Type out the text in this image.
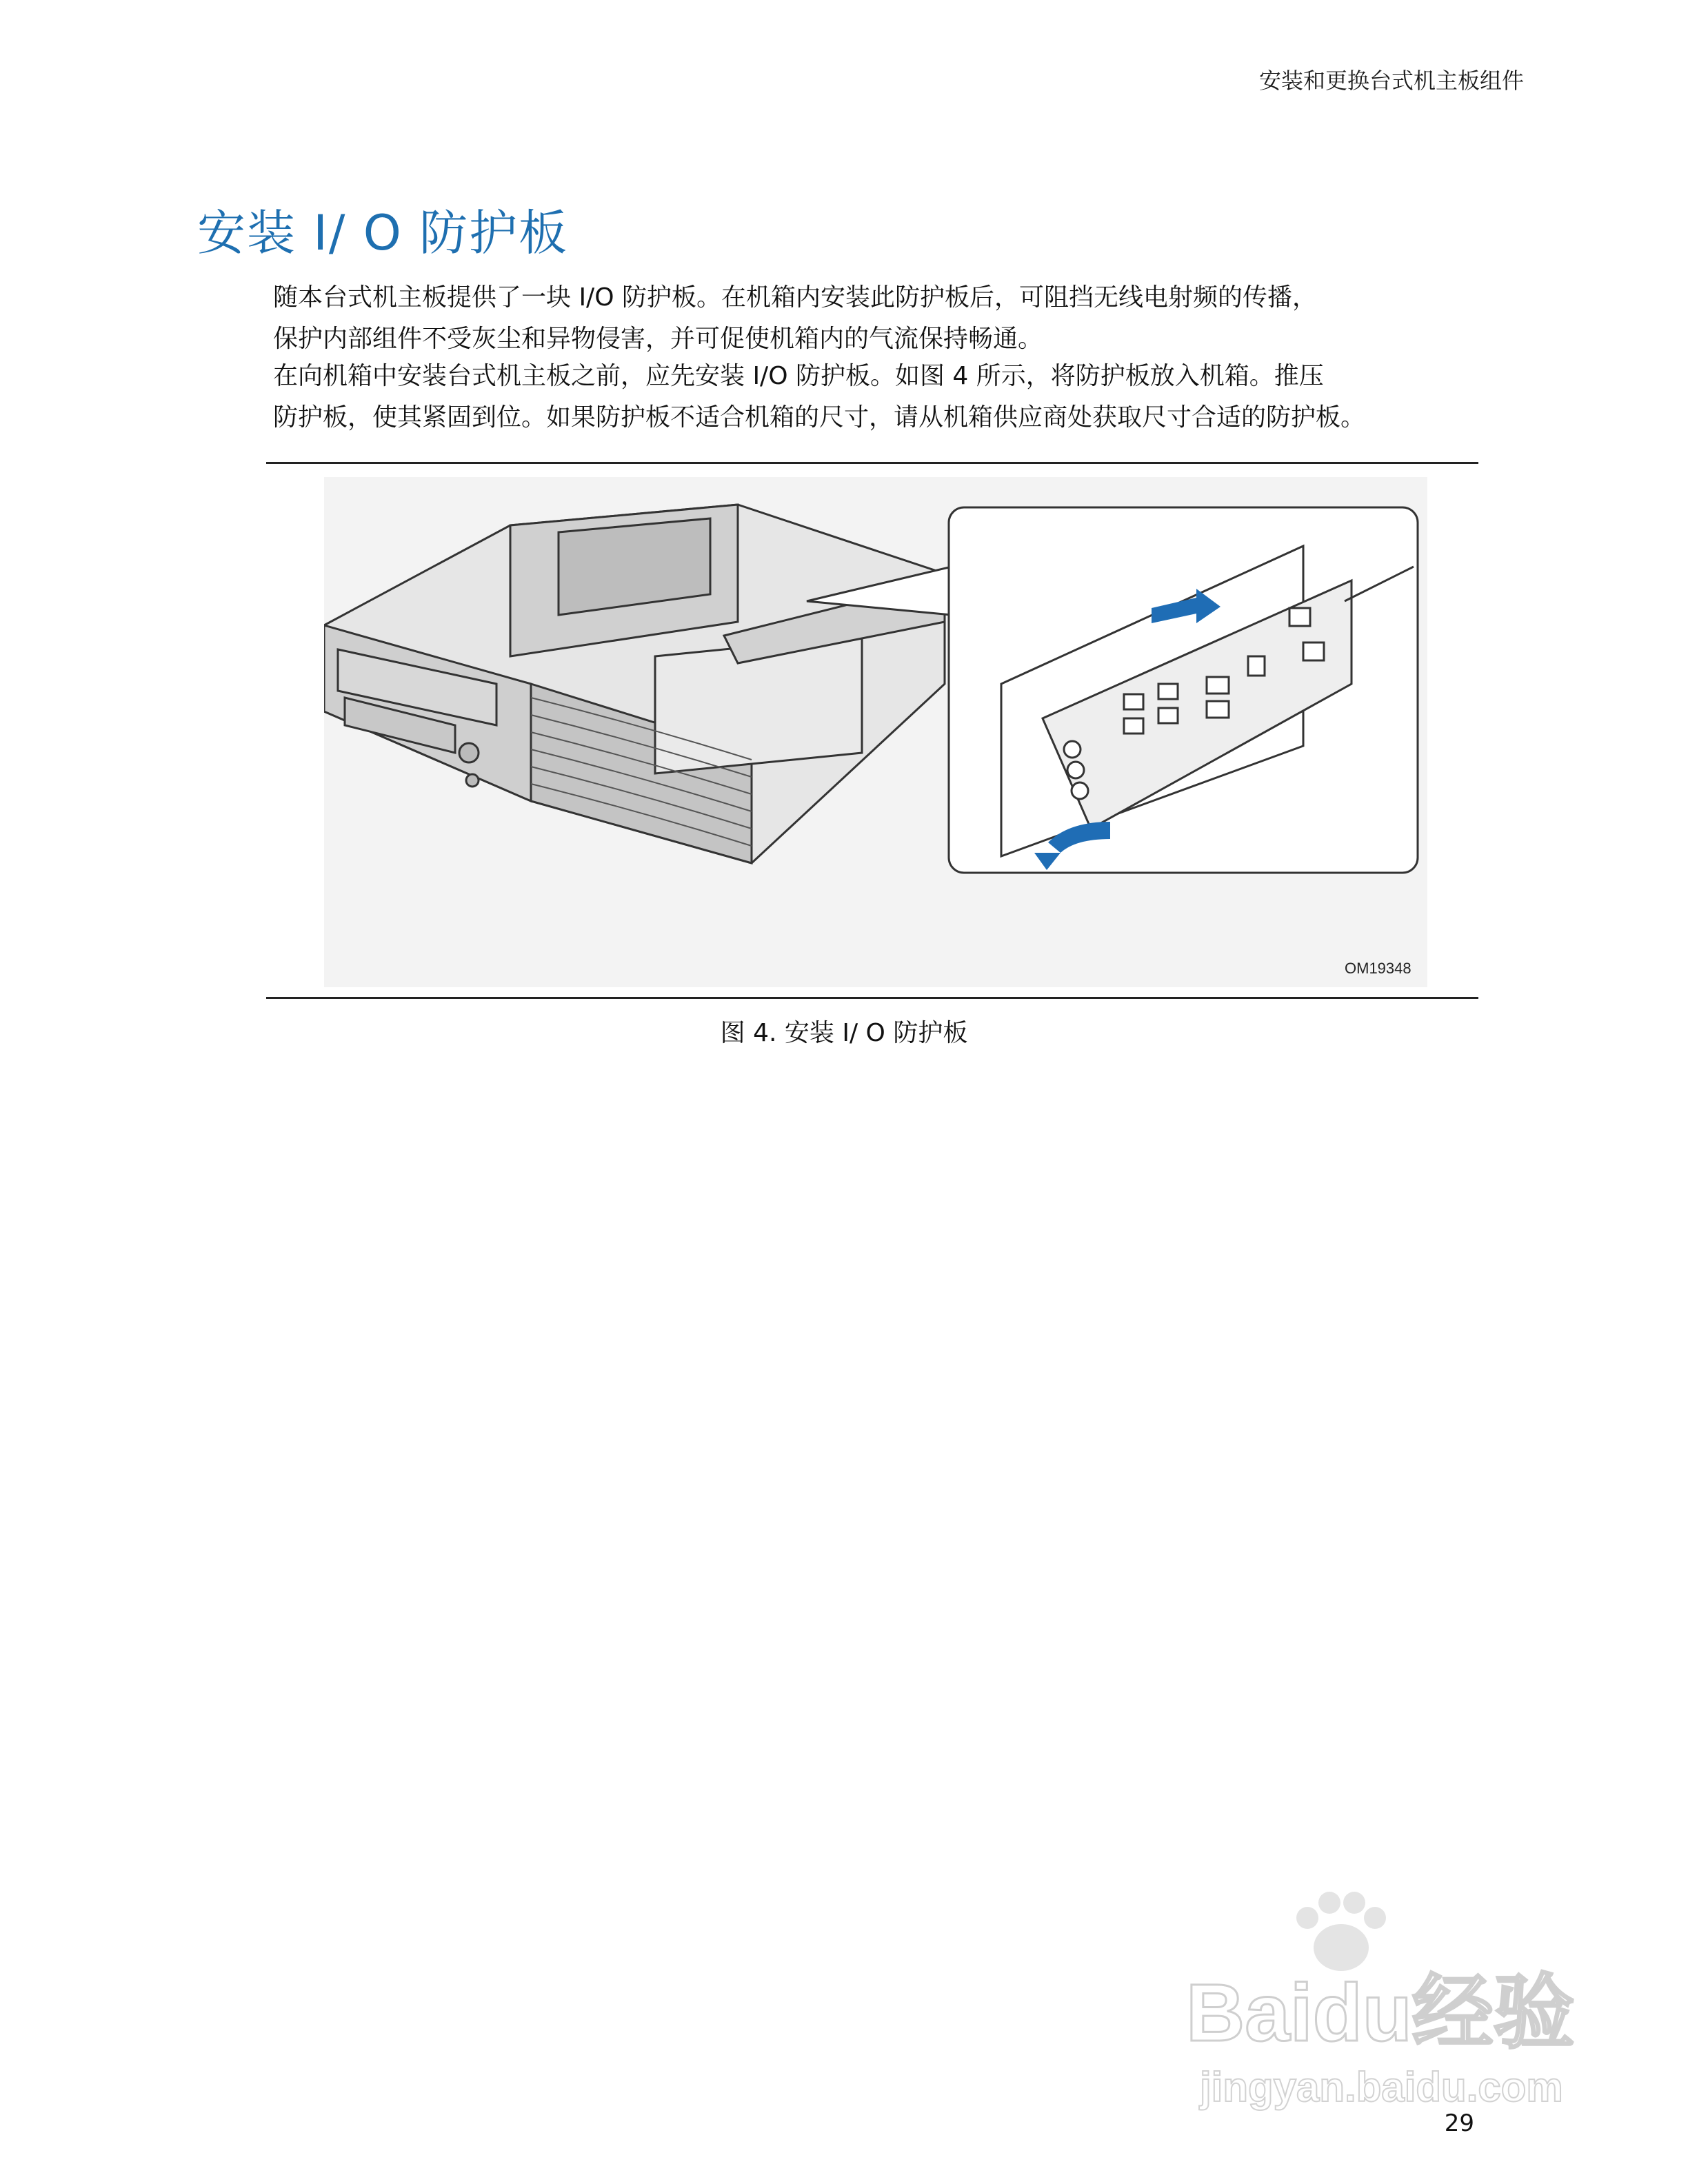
安装和更换台式机主板组件
安装 I/ O 防护板

随本台式机主板提供了一块 I/O 防护板。在机箱内安装此防护板后，可阻挡无线电射频的传播，
保护内部组件不受灰尘和异物侵害，并可促使机箱内的气流保持畅通。

在向机箱中安装台式机主板之前，应先安装 I/O 防护板。如图 4 所示，将防护板放入机箱。推压
防护板，使其紧固到位。如果防护板不适合机箱的尺寸，请从机箱供应商处获取尺寸合适的防护板。

OM19348
图 4. 安装 I/ O 防护板
Baidu经验
jingyan.baidu.com
29
